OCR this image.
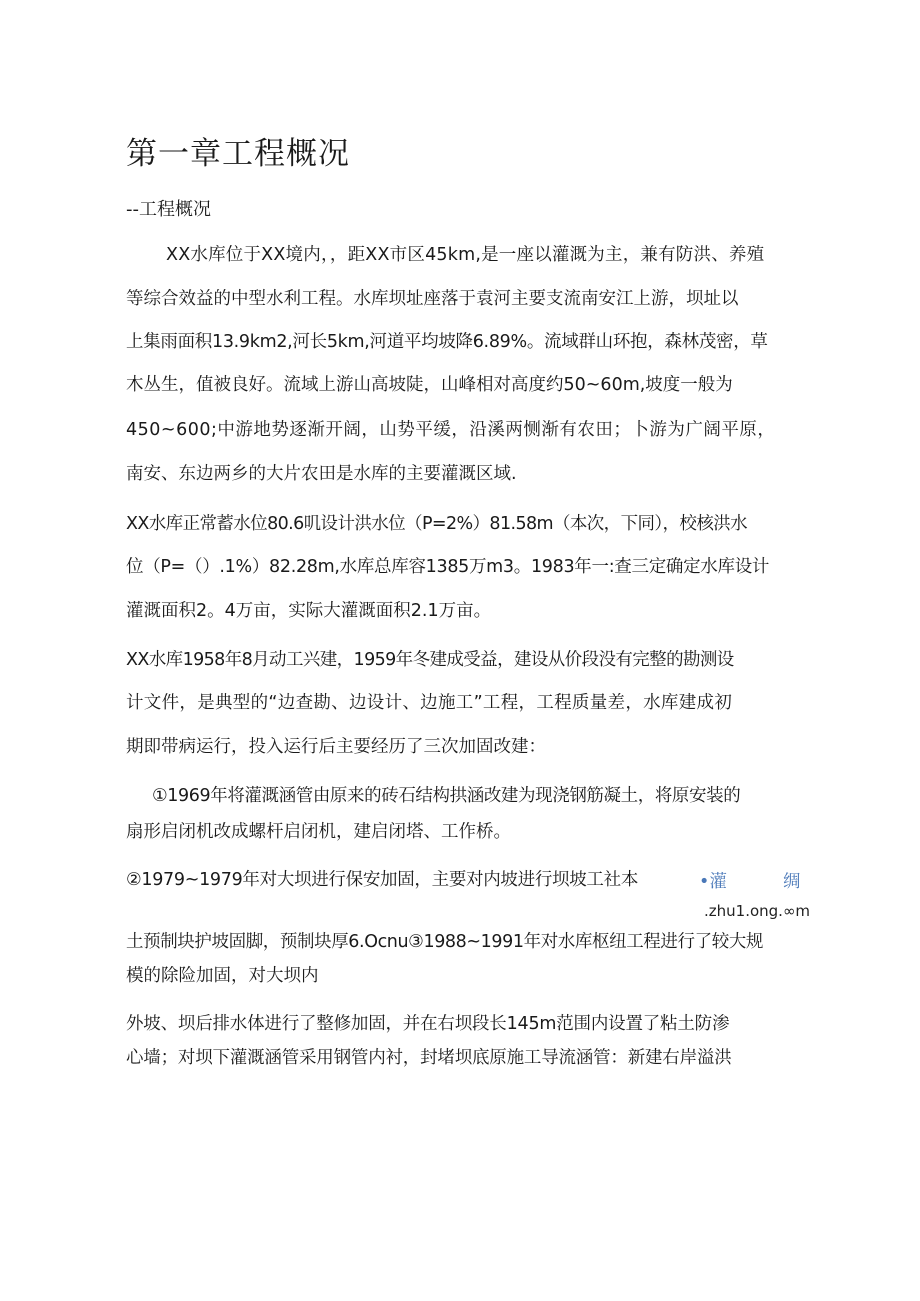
第一章工程概况
--工程概况
XX水库位于XX境内，，距XX市区45km,是一座以灌溉为主，兼有防洪、养殖
等综合效益的中型水利工程。水库坝址座落于袁河主要支流南安江上游，坝址以
上集雨面积13.9km2,河长5km,河道平均坡降6.89%。流域群山环抱，森林茂密，草
木丛生，值被良好。流域上游山高坡陡，山峰相对高度约50~60m,坡度一般为
450~600;中游地势逐渐开阔，山势平缓，沿溪两恻渐有农田；卜游为广阔平原，
南安、东边两乡的大片农田是水库的主要灌溉区域.
XX水库正常蓄水位80.6叽设计洪水位（P=2%）81.58m（本次，下同），校核洪水
位（P=（）.1%）82.28m,水库总库容1385万m3。1983年一:查三定确定水库设计
灌溉面积2。4万亩，实际大灌溉面积2.1万亩。
XX水库1958年8月动工兴建，1959年冬建成受益，建设从价段没有完整的勘测设
计文件，是典型的“边查勘、边设计、边施工”工程，工程质量差，水库建成初
期即带病运行，投入运行后主要经历了三次加固改建：
①1969年将灌溉涵管由原来的砖石结构拱涵改建为现浇钢筋凝土，将原安装的
扇形启闭机改成螺杆启闭机，建启闭塔、工作桥。
②1979~1979年对大坝进行保安加固，主要对内坡进行坝坡工社本	•灌	绸
.zhu1.ong.∞m
土预制块护坡固脚，预制块厚6.Ocnu③1988~1991年对水库枢纽工程进行了较大规
模的除险加固，对大坝内
外坡、坝后排水体进行了整修加固，并在右坝段长145m范围内设置了粘土防渗
心墙；对坝下灌溉涵管采用钢管内衬，封堵坝底原施工导流涵管：新建右岸溢洪
